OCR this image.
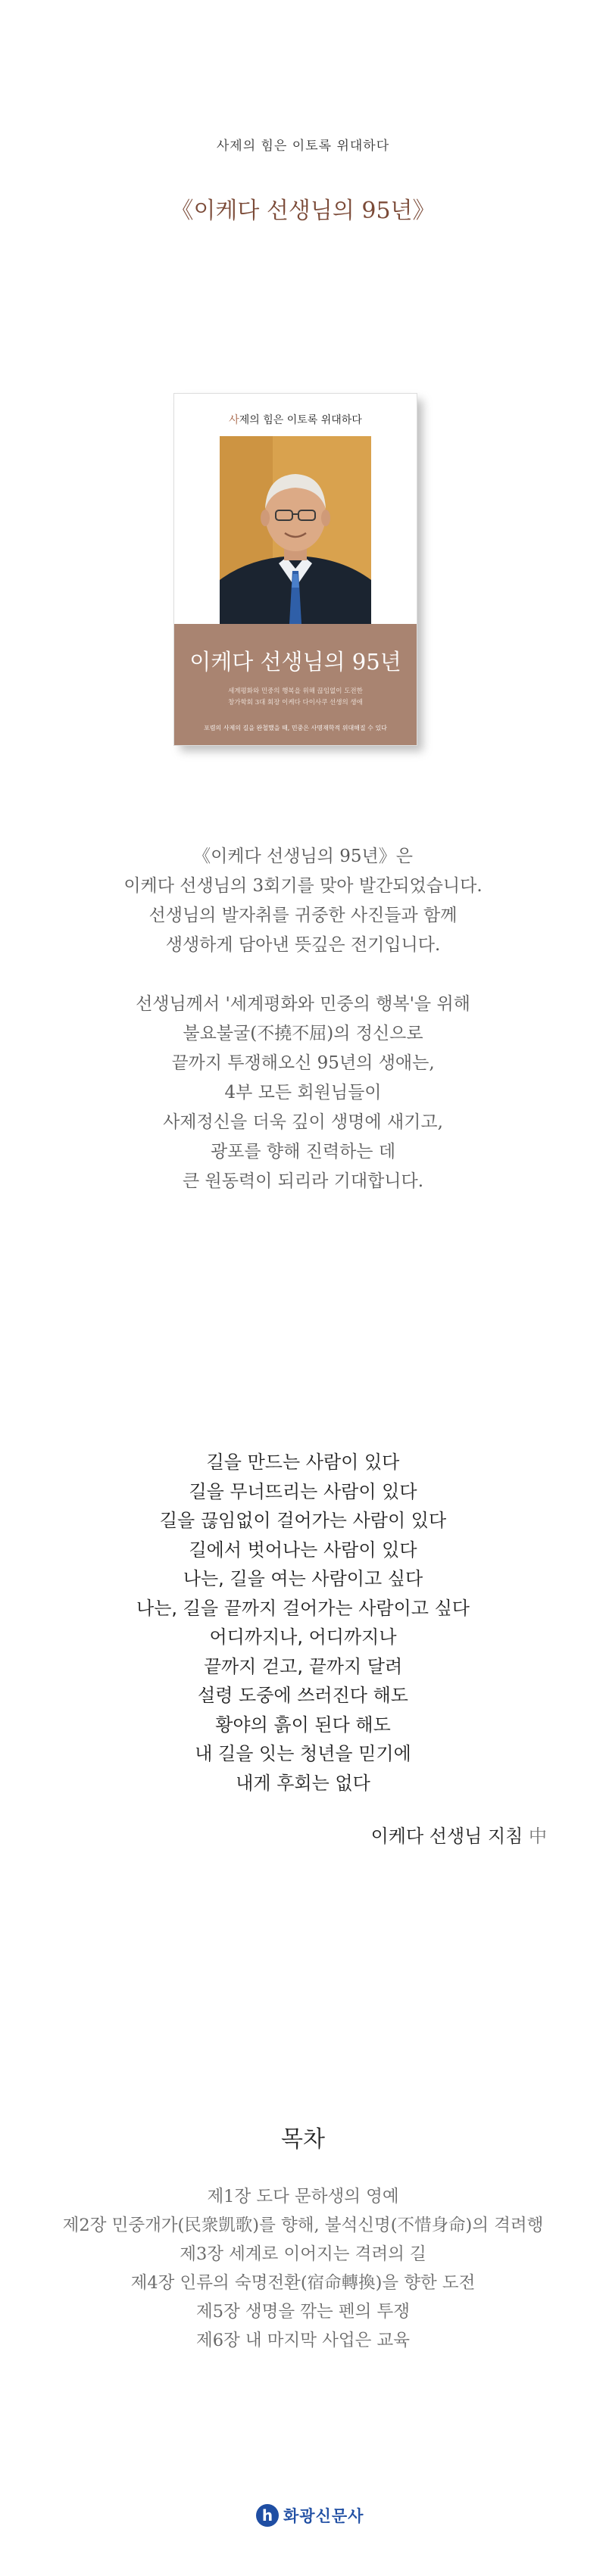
사제의 힘은 이토록 위대하다
《이케다 선생님의 95년》
사제의 힘은 이토록 위대하다
이케다 선생님의 95년
세계평화와 민중의 행복을 위해 끊임없이 도전한
창가학회 3대 회장 이케다 다이사쿠 선생의 생애
포렴의 사제의 길을 완철했을 때, 민중은 사명재학적 위대해질 수 있다
《이케다 선생님의 95년》은
이케다 선생님의 3회기를 맞아 발간되었습니다.
선생님의 발자취를 귀중한 사진들과 함께
생생하게 담아낸 뜻깊은 전기입니다.
선생님께서 '세계평화와 민중의 행복'을 위해
불요불굴(不撓不屈)의 정신으로
끝까지 투쟁해오신 95년의 생애는,
4부 모든 회원님들이
사제정신을 더욱 깊이 생명에 새기고,
광포를 향해 진력하는 데
큰 원동력이 되리라 기대합니다.
길을 만드는 사람이 있다
길을 무너뜨리는 사람이 있다
길을 끊임없이 걸어가는 사람이 있다
길에서 벗어나는 사람이 있다
나는, 길을 여는 사람이고 싶다
나는, 길을 끝까지 걸어가는 사람이고 싶다
어디까지나, 어디까지나
끝까지 걷고, 끝까지 달려
설령 도중에 쓰러진다 해도
황야의 흙이 된다 해도
내 길을 잇는 청년을 믿기에
내게 후회는 없다
이케다 선생님 지침 中
목차
제1장 도다 문하생의 영예
제2장 민중개가(民衆凱歌)를 향해, 불석신명(不惜身命)의 격려행
제3장 세계로 이어지는 격려의 길
제4장 인류의 숙명전환(宿命轉換)을 향한 도전
제5장 생명을 깎는 펜의 투쟁
제6장 내 마지막 사업은 교육
h 화광신문사
